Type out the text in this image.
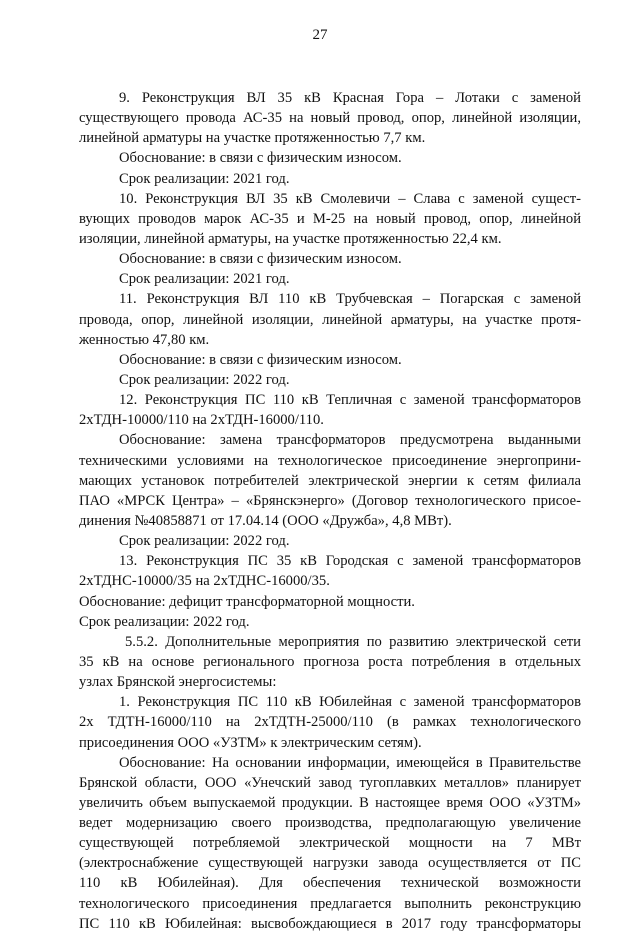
27
9. Реконструкция ВЛ 35 кВ Красная Гора – Лотаки с заменой
существующего провода АС-35 на новый провод, опор, линейной изоляции,
линейной арматуры на участке протяженностью 7,7 км.
Обоснование: в связи с физическим износом.
Срок реализации: 2021 год.
10. Реконструкция ВЛ 35 кВ Смолевичи – Слава с заменой сущест-
вующих проводов марок АС-35 и М-25 на новый провод, опор, линейной
изоляции, линейной арматуры, на участке протяженностью 22,4 км.
Обоснование: в связи с физическим износом.
Срок реализации: 2021 год.
11. Реконструкция ВЛ 110 кВ Трубчевская – Погарская с заменой
провода, опор, линейной изоляции, линейной арматуры, на участке протя-
женностью 47,80 км.
Обоснование: в связи с физическим износом.
Срок реализации: 2022 год.
12. Реконструкция ПС 110 кВ Тепличная с заменой трансформаторов
2хТДН-10000/110 на 2хТДН-16000/110.
Обоснование: замена трансформаторов предусмотрена выданными
техническими условиями на технологическое присоединение энергоприни-
мающих установок потребителей электрической энергии к сетям филиала
ПАО «МРСК Центра» – «Брянскэнерго» (Договор технологического присое-
динения №40858871 от 17.04.14 (ООО «Дружба», 4,8 МВт).
Срок реализации: 2022 год.
13. Реконструкция ПС 35 кВ Городская с заменой трансформаторов
2хТДНС-10000/35 на 2хТДНС-16000/35.
Обоснование: дефицит трансформаторной мощности.
Срок реализации: 2022 год.
5.5.2. Дополнительные мероприятия по развитию электрической сети
35 кВ на основе регионального прогноза роста потребления в отдельных
узлах Брянской энергосистемы:
1. Реконструкция ПС 110 кВ Юбилейная с заменой трансформаторов
2х ТДТН-16000/110 на 2хТДТН-25000/110 (в рамках технологического
присоединения ООО «УЗТМ» к электрическим сетям).
Обоснование: На основании информации, имеющейся в Правительстве
Брянской области, ООО «Унечский завод тугоплавких металлов» планирует
увеличить объем выпускаемой продукции. В настоящее время ООО «УЗТМ»
ведет модернизацию своего производства, предполагающую увеличение
существующей потребляемой электрической мощности на 7 МВт
(электроснабжение существующей нагрузки завода осуществляется от ПС
110 кВ Юбилейная). Для обеспечения технической возможности
технологического присоединения предлагается выполнить реконструкцию
ПС 110 кВ Юбилейная: высвобождающиеся в 2017 году трансформаторы
